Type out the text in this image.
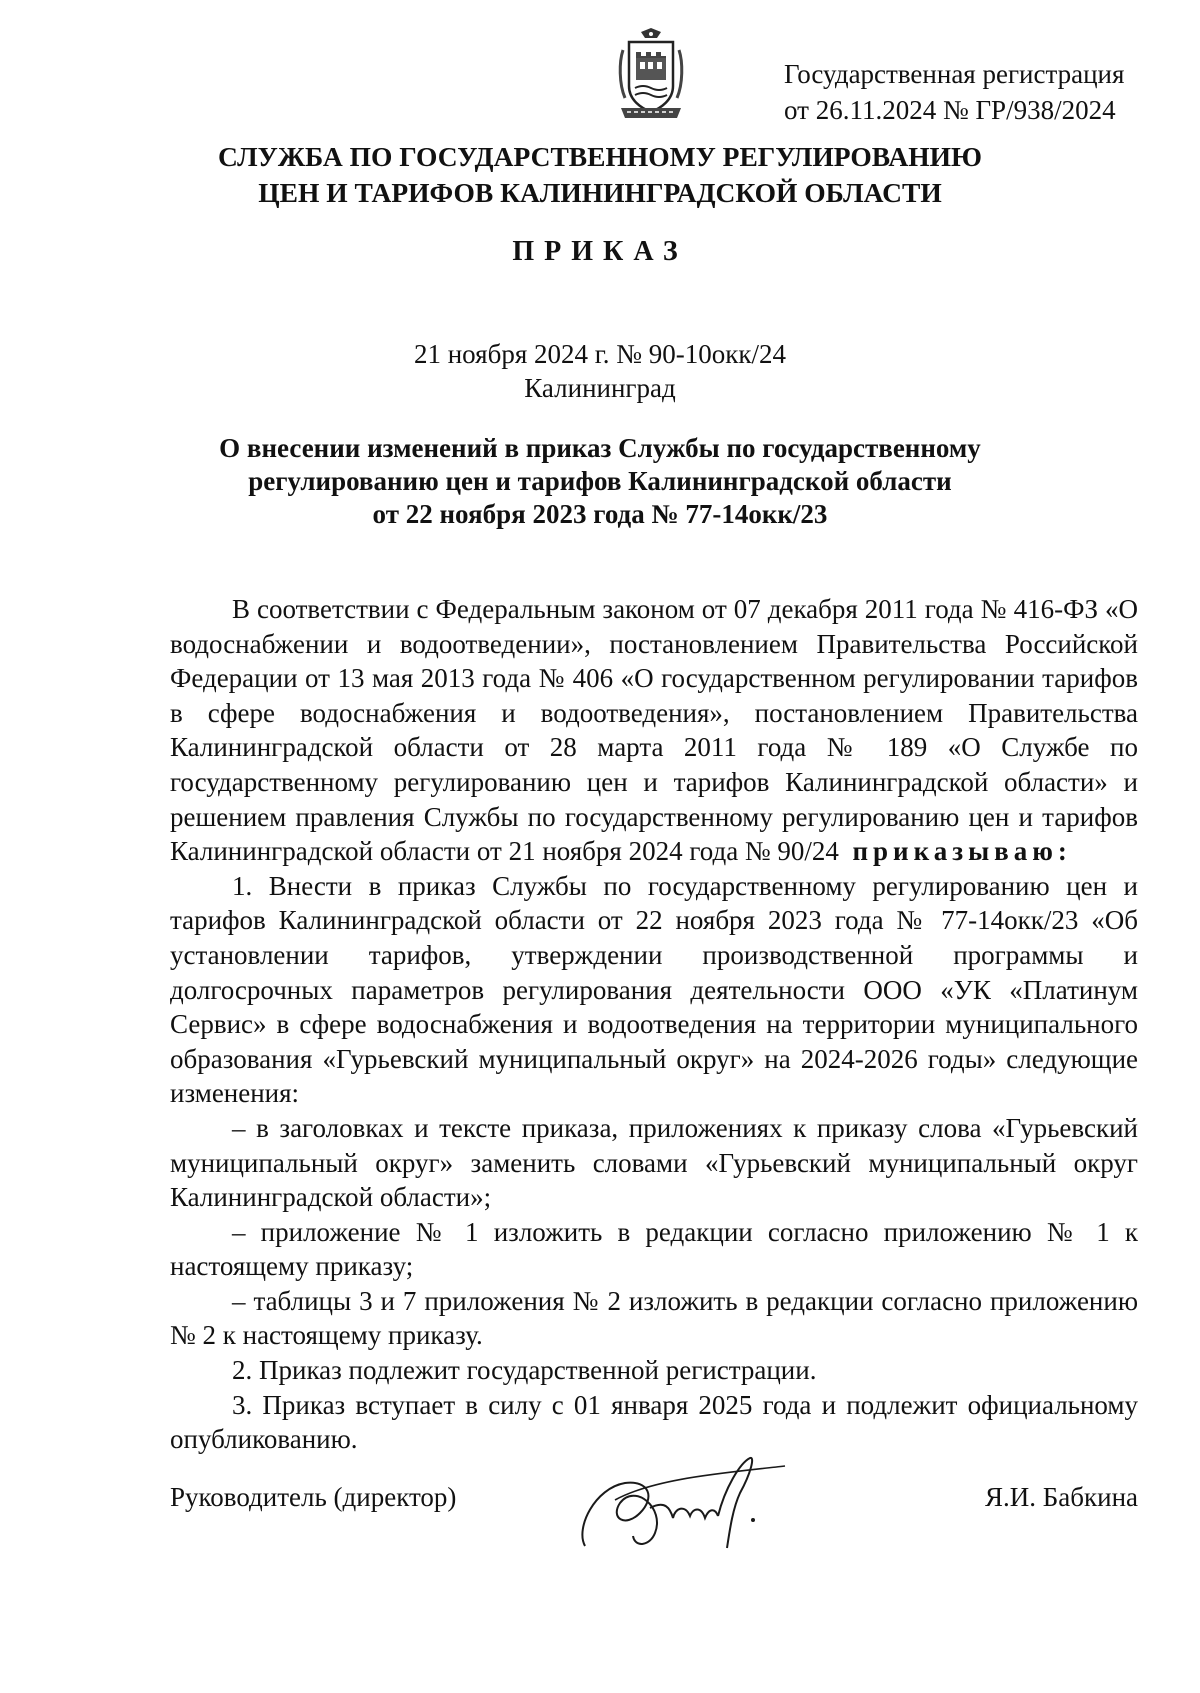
Государственная регистрация
от 26.11.2024 № ГР/938/2024
СЛУЖБА ПО ГОСУДАРСТВЕННОМУ РЕГУЛИРОВАНИЮ
ЦЕН И ТАРИФОВ КАЛИНИНГРАДСКОЙ ОБЛАСТИ
ПРИКАЗ
21 ноября 2024 г. № 90-10окк/24
Калининград
О внесении изменений в приказ Службы по государственному
регулированию цен и тарифов Калининградской области
от 22 ноября 2023 года № 77-14окк/23

В соответствии с Федеральным законом от 07 декабря 2011 года № 416-ФЗ «О водоснабжении и водоотведении», постановлением Правительства Российской Федерации от 13 мая 2013 года № 406 «О государственном регулировании тарифов в сфере водоснабжения и водоотведения», постановлением Правительства Калининградской области от 28 марта 2011 года № 189 «О Службе по государственному регулированию цен и тарифов Калининградской области» и решением правления Службы по государственному регулированию цен и тарифов Калининградской области от 21 ноября 2024 года № 90/24 приказываю:

1. Внести в приказ Службы по государственному регулированию цен и тарифов Калининградской области от 22 ноября 2023 года № 77-14окк/23 «Об установлении тарифов, утверждении производственной программы и долгосрочных параметров регулирования деятельности ООО «УК «Платинум Сервис» в сфере водоснабжения и водоотведения на территории муниципального образования «Гурьевский муниципальный округ» на 2024-2026 годы» следующие изменения:

– в заголовках и тексте приказа, приложениях к приказу слова «Гурьевский муниципальный округ» заменить словами «Гурьевский муниципальный округ Калининградской области»;

– приложение № 1 изложить в редакции согласно приложению № 1 к настоящему приказу;

– таблицы 3 и 7 приложения № 2 изложить в редакции согласно приложению № 2 к настоящему приказу.

2. Приказ подлежит государственной регистрации.

3. Приказ вступает в силу с 01 января 2025 года и подлежит официальному опубликованию.

Руководитель (директор)	Я.И. Бабкина
